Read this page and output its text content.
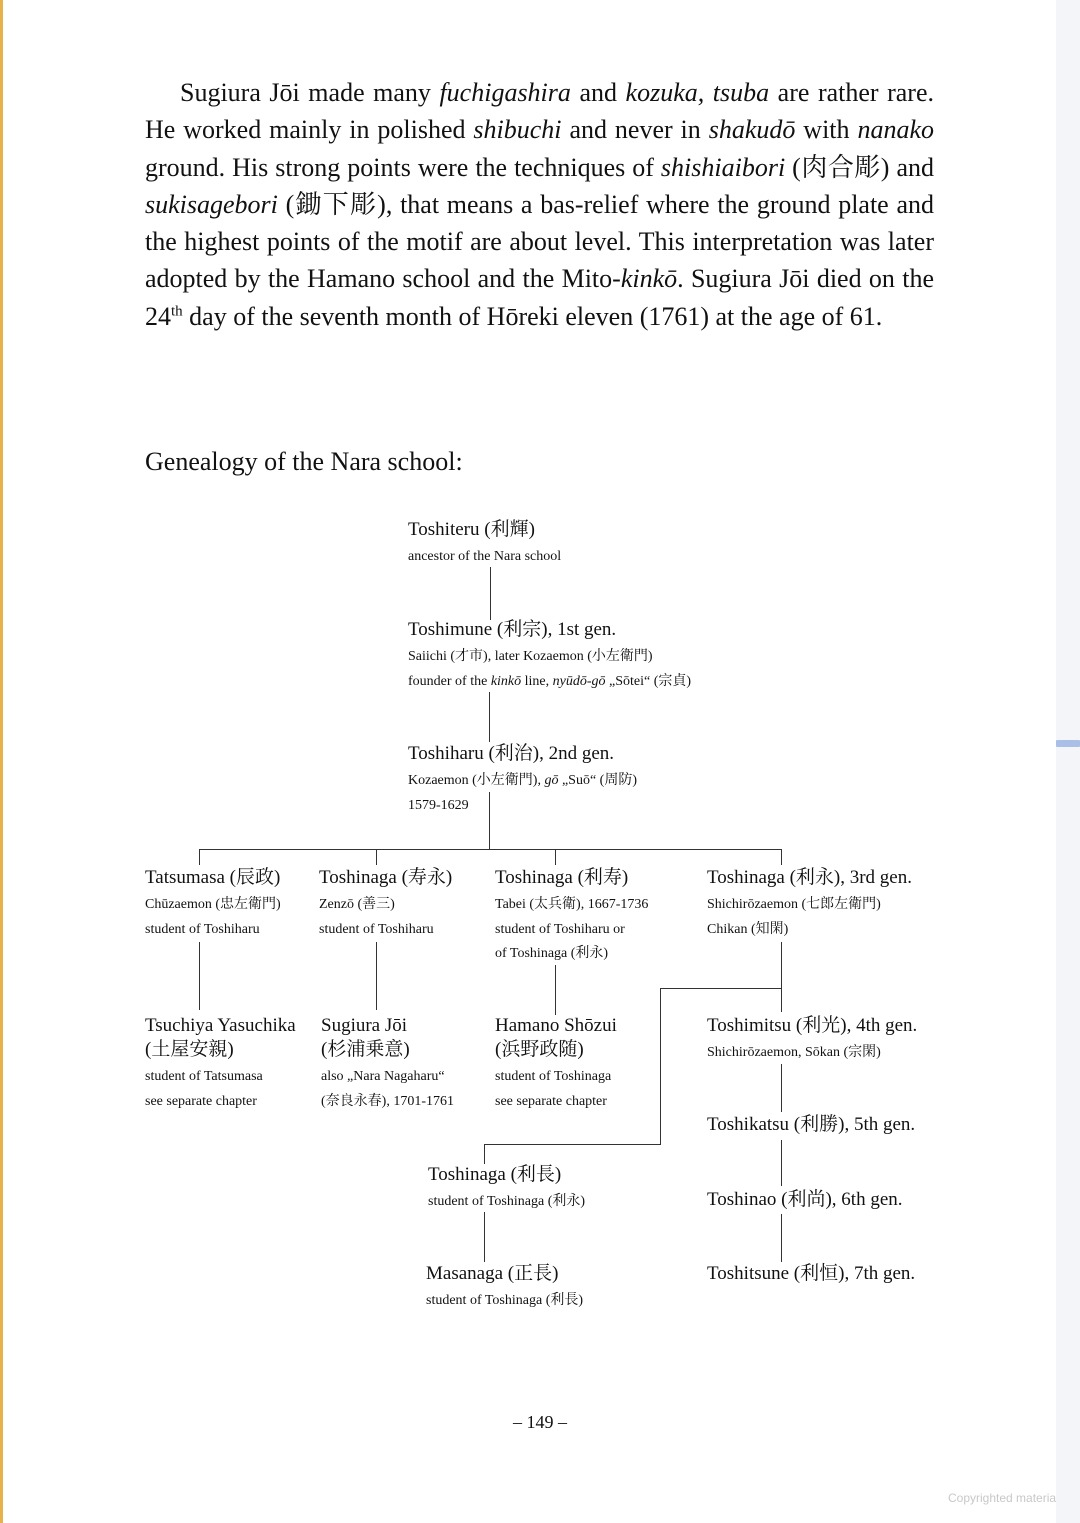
Sugiura Jōi made many fuchigashira and kozuka, tsuba are rather rare. He worked mainly in polished shibuchi and never in shakudō with nanako ground. His strong points were the techniques of shishiaibori (肉合彫) and sukisagebori (鋤下彫), that means a bas-relief where the ground plate and the highest points of the motif are about level. This interpretation was later adopted by the Hamano school and the Mito-kinkō. Sugiura Jōi died on the 24th day of the seventh month of Hōreki eleven (1761) at the age of 61.

Genealogy of the Nara school:
Toshiteru (利輝)
ancestor of the Nara school
Toshimune (利宗), 1st gen.
Saiichi (才市), later Kozaemon (小左衛門)
founder of the kinkō line, nyūdō-gō „Sōtei“ (宗貞)
Toshiharu (利治), 2nd gen.
Kozaemon (小左衛門), gō „Suō“ (周防)
1579-1629
Tatsumasa (辰政)
Chūzaemon (忠左衛門)
student of Toshiharu
Toshinaga (寿永)
Zenzō (善三)
student of Toshiharu
Toshinaga (利寿)
Tabei (太兵衛), 1667-1736
student of Toshiharu or
of Toshinaga (利永)
Toshinaga (利永), 3rd gen.
Shichirōzaemon (七郎左衛門)
Chikan (知閑)
Tsuchiya Yasuchika
(土屋安親)
student of Tatsumasa
see separate chapter
Sugiura Jōi
(杉浦乗意)
also „Nara Nagaharu“
(奈良永春), 1701-1761
Hamano Shōzui
(浜野政随)
student of Toshinaga
see separate chapter
Toshimitsu (利光), 4th gen.
Shichirōzaemon, Sōkan (宗閑)
Toshikatsu (利勝), 5th gen.
Toshinaga (利長)
student of Toshinaga (利永)	Toshinao (利尚), 6th gen.
Masanaga (正長)
student of Toshinaga (利長)
Toshitsune (利恒), 7th gen.
– 149 –
Copyrighted materia
